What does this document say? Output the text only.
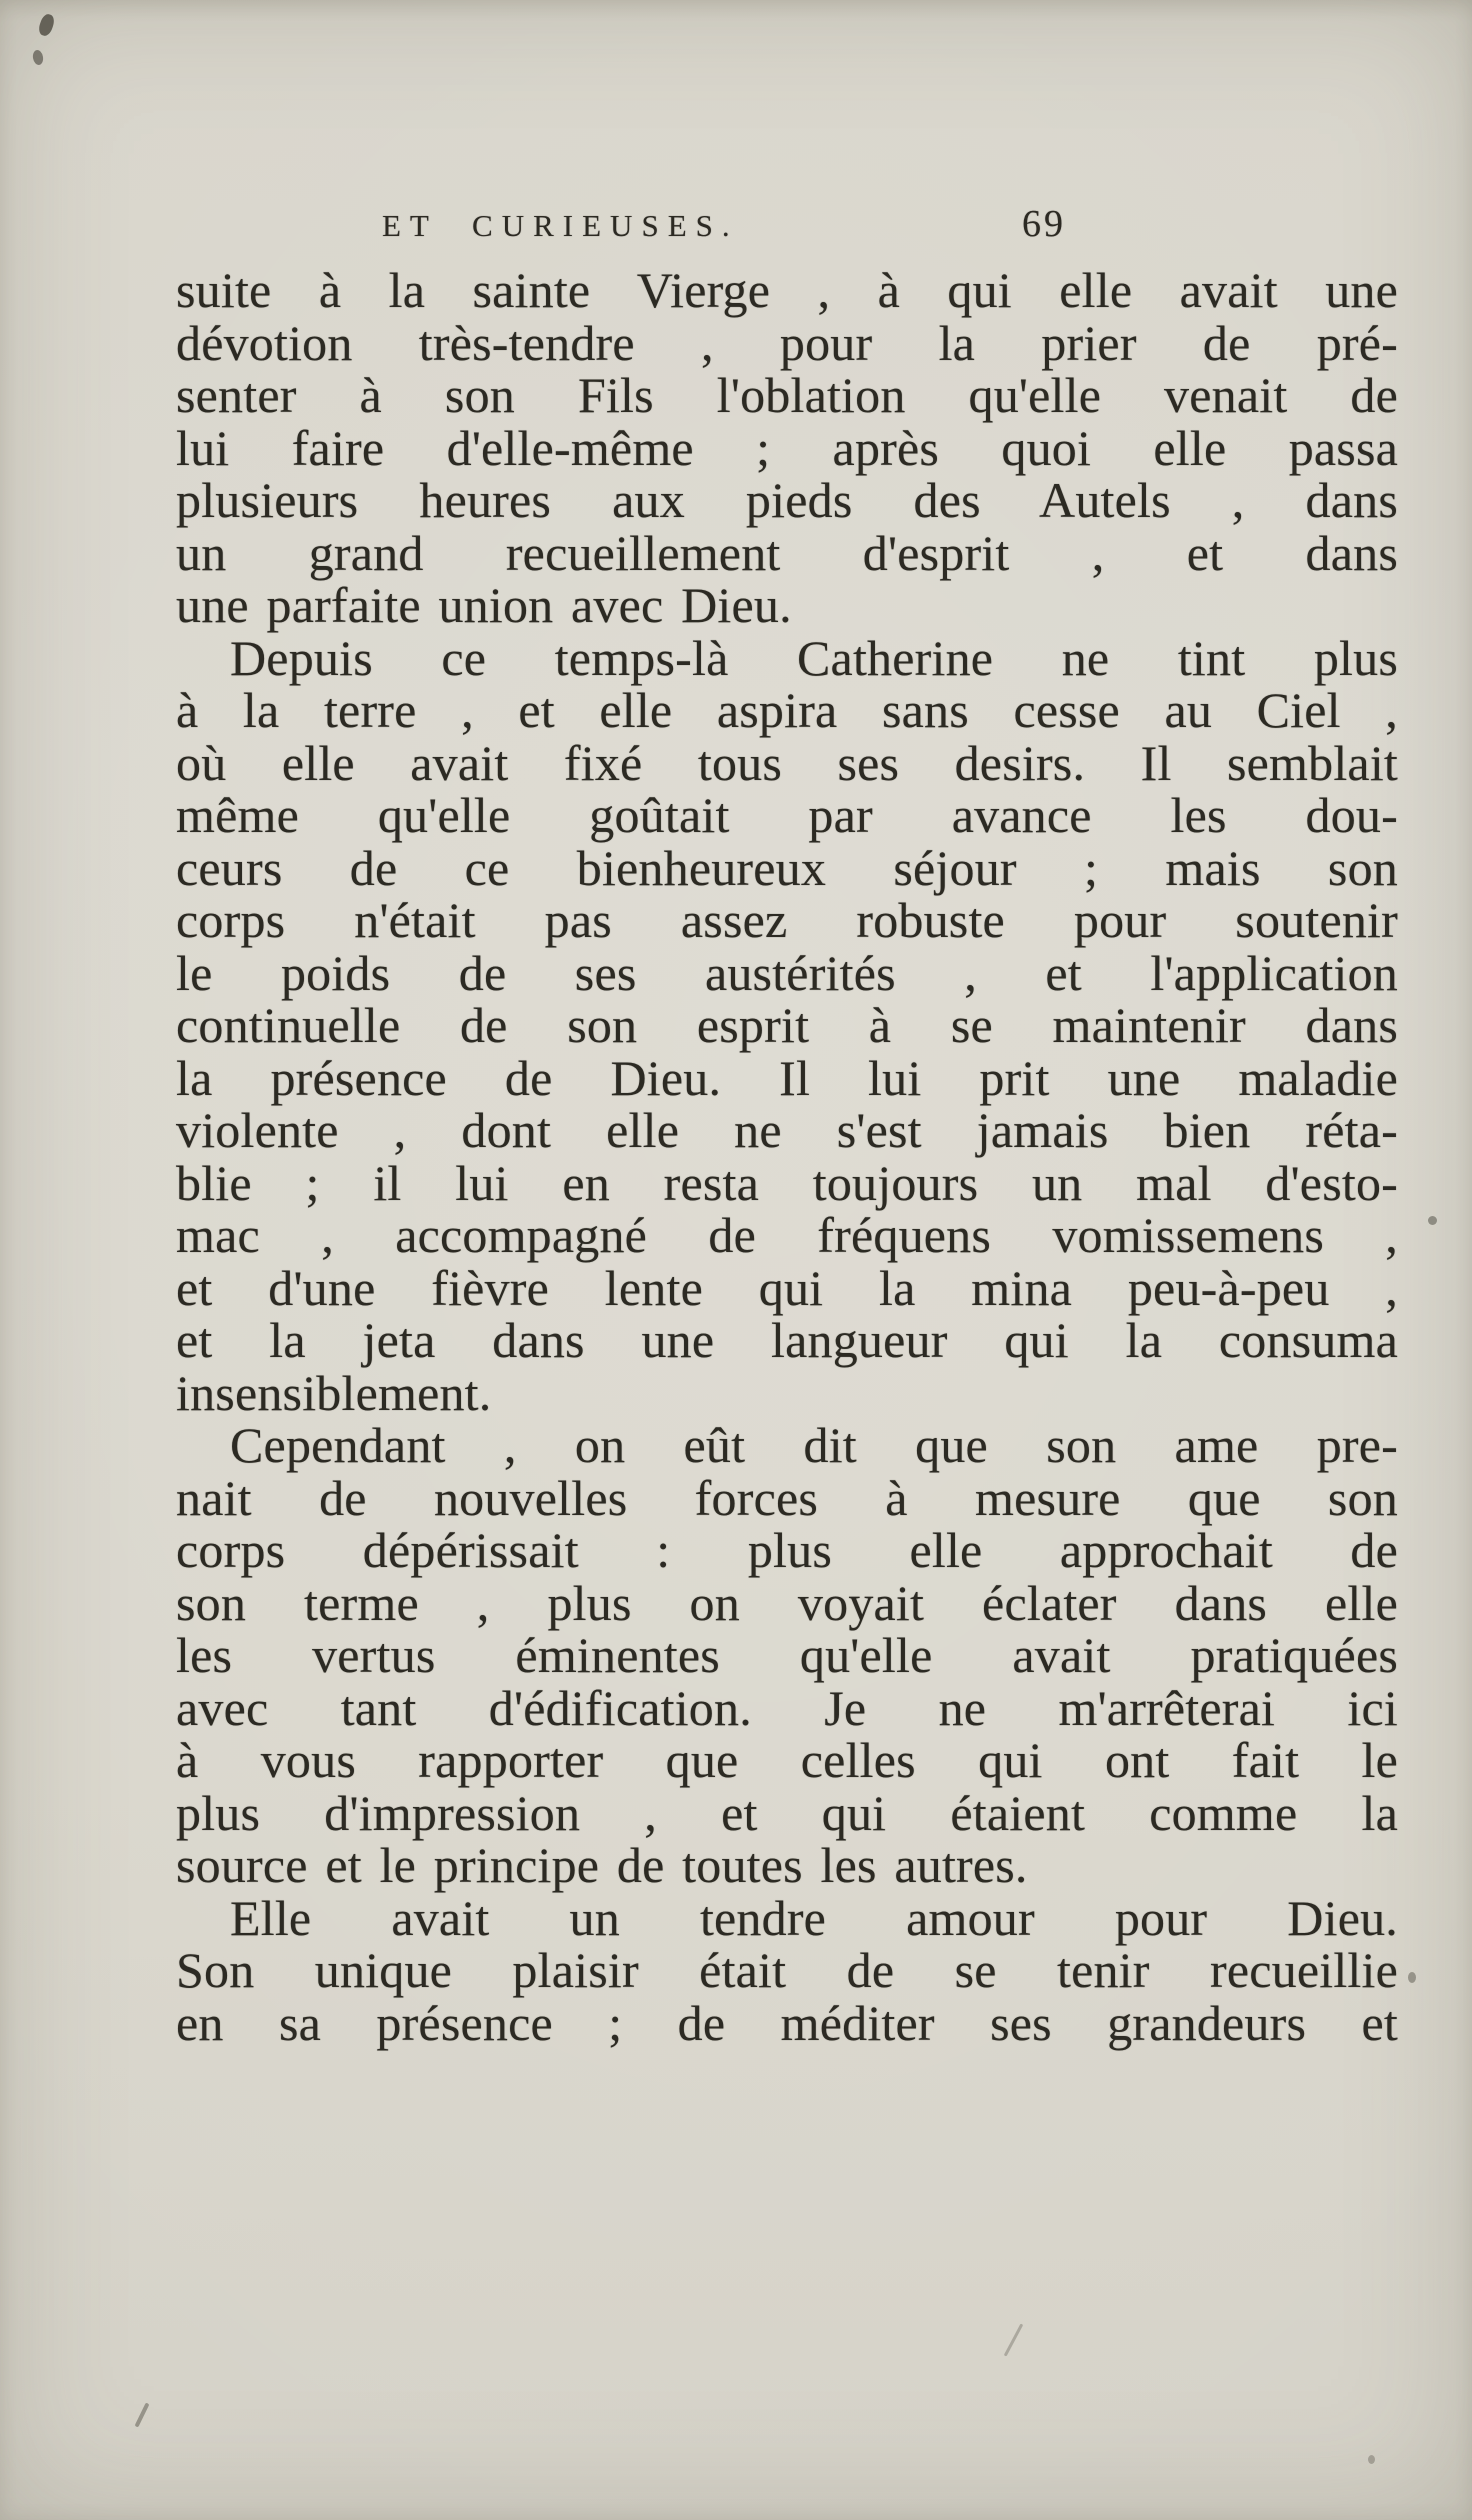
ET CURIEUSES.	69
suite à la sainte Vierge , à qui elle avait une
dévotion très-tendre , pour la prier de pré-
senter à son Fils l'oblation qu'elle venait de
lui faire d'elle-même ; après quoi elle passa
plusieurs heures aux pieds des Autels , dans
un grand recueillement d'esprit , et dans
une parfaite union avec Dieu.
Depuis ce temps-là Catherine ne tint plus
à la terre , et elle aspira sans cesse au Ciel ,
où elle avait fixé tous ses desirs. Il semblait
même qu'elle goûtait par avance les dou-
ceurs de ce bienheureux séjour ; mais son
corps n'était pas assez robuste pour soutenir
le poids de ses austérités , et l'application
continuelle de son esprit à se maintenir dans
la présence de Dieu. Il lui prit une maladie
violente , dont elle ne s'est jamais bien réta-
blie ; il lui en resta toujours un mal d'esto-
mac , accompagné de fréquens vomissemens ,
et d'une fièvre lente qui la mina peu-à-peu ,
et la jeta dans une langueur qui la consuma
insensiblement.
Cependant , on eût dit que son ame pre-
nait de nouvelles forces à mesure que son
corps dépérissait : plus elle approchait de
son terme , plus on voyait éclater dans elle
les vertus éminentes qu'elle avait pratiquées
avec tant d'édification. Je ne m'arrêterai ici
à vous rapporter que celles qui ont fait le
plus d'impression , et qui étaient comme la
source et le principe de toutes les autres.
Elle avait un tendre amour pour Dieu.
Son unique plaisir était de se tenir recueillie
en sa présence ; de méditer ses grandeurs et
